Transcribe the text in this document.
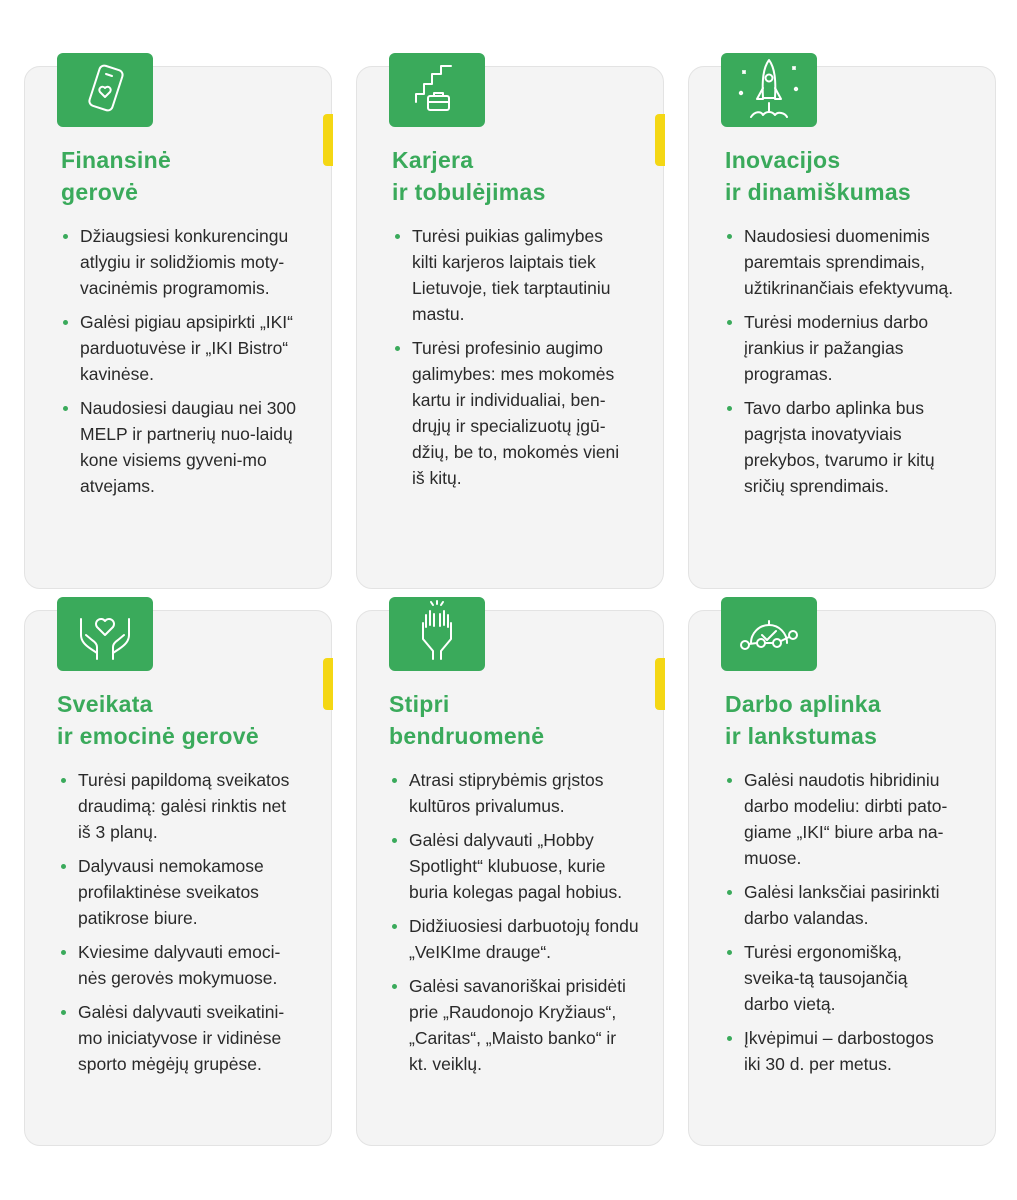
Finansinė
gerovė
Džiaugsiesi konkurencingu atlygiu ir solidžiomis moty-vacinėmis programomis.
Galėsi pigiau apsipirkti „IKI“ parduotuvėse ir „IKI Bistro“ kavinėse.
Naudosiesi daugiau nei 300 MELP ir partnerių nuo-laidų kone visiems gyveni-mo atvejams.
Karjera
ir tobulėjimas
Turėsi puikias galimybes kilti karjeros laiptais tiek Lietuvoje, tiek tarptautiniu mastu.
Turėsi profesinio augimo galimybes: mes mokomės kartu ir individualiai, ben-drųjų ir specializuotų įgū-džių, be to, mokomės vieni iš kitų.
Inovacijos
ir dinamiškumas
Naudosiesi duomenimis paremtais sprendimais, užtikrinančiais efektyvumą.
Turėsi modernius darbo įrankius ir pažangias programas.
Tavo darbo aplinka bus pagrįsta inovatyviais prekybos, tvarumo ir kitų sričių sprendimais.
Sveikata
ir emocinė gerovė
Turėsi papildomą sveikatos draudimą: galėsi rinktis net iš 3 planų.
Dalyvausi nemokamose profilaktinėse sveikatos patikrose biure.
Kviesime dalyvauti emoci-nės gerovės mokymuose.
Galėsi dalyvauti sveikatini-mo iniciatyvose ir vidinėse sporto mėgėjų grupėse.
Stipri
bendruomenė
Atrasi stiprybėmis grįstos kultūros privalumus.
Galėsi dalyvauti „Hobby Spotlight“ klubuose, kurie buria kolegas pagal hobius.
Didžiuosiesi darbuotojų fondu „VeIKIme drauge“.
Galėsi savanoriškai prisidėti prie „Raudonojo Kryžiaus“, „Caritas“, „Maisto banko“ ir kt. veiklų.
Darbo aplinka
ir lankstumas
Galėsi naudotis hibridiniu darbo modeliu: dirbti pato-giame „IKI“ biure arba na-muose.
Galėsi lanksčiai pasirinkti darbo valandas.
Turėsi ergonomišką, sveika-tą tausojančią darbo vietą.
Įkvėpimui – darbostogos iki 30 d. per metus.
